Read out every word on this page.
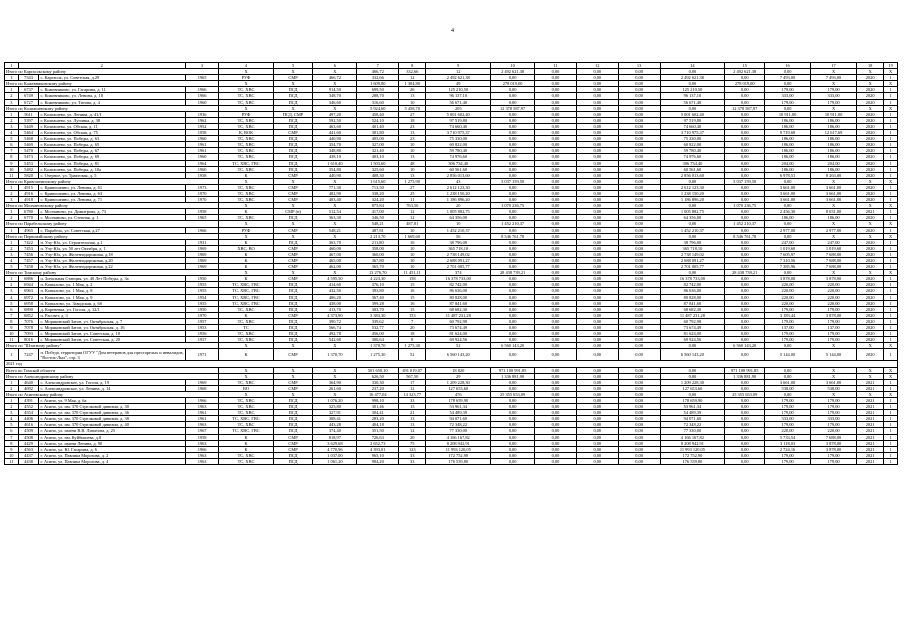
4
1	2		3	4	5	6	7	8	9	10	11	12	13	14	15	16	17	18	19
Итого по Каргасокскому району				Х	Х	Х	466,72	332,66	12	2 492 621,38	0,00	0,00	0,00	0,00	2 492 621,38	0,00	Х	Х	Х
1	7343	с. Каргасок, ул. Советская, д.29	1965	РУФ	СМР	466,72	332,66	12	2 492 621,38	0,00	0,00	0,00	0,00	2 492 621,38	0,00	7 493,00	7 493,00	2020	1
Итого по Кожевниковскому району				Х	Х	Х	1 609,80	1 304,80	49	278 019,00	0,00	0,00	0,00	0,00	278 019,00	0,00	Х	Х	Х
1	6737	с. Кожевниково, ул. Гагарина, д. 11	1966	ТС, ХВС	ПСД	914,50	699,50	26	125 210,50	0,00	0,00	0,00	0,00	125 210,50	0,00	179,00	179,00	2020	1
2	6749	с. Кожевниково, ул. Ленина, д. 18	1966	ТС, ХВС	ПСД	348,70	288,70	13	96 137,10	0,00	0,00	0,00	0,00	96 137,10	0,00	333,00	333,00	2020	1
3	6727	с. Кожевниково, ул. Титова, д. 4	1960	ТС, ХВС	ПСД	346,60	316,60	10	56 671,40	0,00	0,00	0,00	0,00	56 671,40	0,00	179,00	179,00	2020	1
Итого по Колпашевскому району				Х	Х	Х	5 924,60	5 458,70	205	12 378 587,97	0,00	0,00	0,00	0,00	12 378 587,97	0,00	Х	Х	Х
1	5611	г. Колпашево, ул. Ленина, д. 41/1	1936	РУФ	ПСД, СМР	497,20	458,40	27	5 001 602,40	0,00	0,00	0,00	0,00	5 001 602,40	0,00	10 911,00	10 911,00	2020	1
2	5397	г. Колпашево, ул. Лугинка, д. 38	1962	ТС, ХВС	ПСД	592,50	524,10	18	97 519,80	0,00	0,00	0,00	0,00	97 519,80	0,00	186,00	186,00	2020	1
3	5449	г. Колпашево, ул. Обская, д. 11	1952	ТС, ХВС	ПСД	463,60	401,40	23	74 660,40	0,00	0,00	0,00	0,00	74 660,40	0,00	186,00	186,00	2020	1
4	5464	г. Колпашево, ул. Обская, д. 75	1958	К, ВОК	СМР	441,60	381,80	13	3 710 975,37	0,00	0,00	0,00	0,00	3 710 975,37	0,00	9 719,68	12 617,69	2020	1
5	5468	г. Колпашево, ул. Победы, д. 63	1960	ТС, ХВС	ПСД	440,90	405,00	23	75 330,00	0,00	0,00	0,00	0,00	75 330,00	0,00	186,00	186,00	2020	1
6	5469	г. Колпашево, ул. Победы, д. 65	1961	ТС, ХВС	ПСД	354,70	327,00	10	60 822,00	0,00	0,00	0,00	0,00	60 822,00	0,00	186,00	186,00	2020	1
7	5470	г. Колпашево, ул. Победы, д. 67	1961	ТС, ХВС	ПСД	348,80	321,40	10	59 780,40	0,00	0,00	0,00	0,00	59 780,40	0,00	186,00	186,00	2020	1
8	5473	г. Колпашево, ул. Победы, д. 69	1960	ТС, ХВС	ПСД	438,10	403,10	13	74 976,60	0,00	0,00	0,00	0,00	74 976,60	0,00	186,00	186,00	2020	1
9	5453	г. Колпашево, ул. Победы, д. 81	1964	ТС, ХВС, ГВС	ПСД	1 610,40	1 503,60	48	306 734,40	0,00	0,00	0,00	0,00	306 734,40	0,00	204,00	204,00	2020	1
10	5482	г. Колпашево, ул. Победы, д. 10а	1960	ТС, ХВС	ПСД	354,80	325,60	10	60 561,60	0,00	0,00	0,00	0,00	60 561,60	0,00	186,00	186,00	2020	1
11	5820	с. Озерное, ул. Трактовая, д. 5	1958	К	СМР	440,90	408,30	13	2 856 013,60	0,00	0,00	0,00	0,00	2 856 013,60	0,00	6 978,51	8 263,00	2020	1
Итого по Кривошеинскому району				Х	Х	Х	1 615,60	1 275,90	43	3 037 159,50	0,00	0,00	0,00	0,00	3 037 159,50	0,00	Х	Х	Х
1	4915	с. Кривошеино, ул. Ленина, д. 61	1973	ТС, ХВС	СМР	771,30	713,50	27	2 612 123,30	0,00	0,00	0,00	0,00	2 612 123,30	0,00	3 661,00	3 661,00	2020	1
2	4916	с. Кривошеино, ул. Ленина, д. 63	1970	ТС, ХВС	СМР	402,90	338,20	25	1 238 150,20	0,00	0,00	0,00	0,00	1 238 150,20	0,00	3 661,00	3 661,00	2020	1
3	4918	с. Кривошеино, ул. Ленина, д. 71	1970	ТС, ХВС	СМР	403,40	324,20	11	1 186 896,20	0,00	0,00	0,00	0,00	1 186 896,20	0,00	3 661,00	3 661,00	2020	1
Итого по Молчановскому району				Х	Х	Х	875,84	763,50	20	1 070 236,75	0,00	0,00	0,00	0,00	1 070 236,75	0,00	Х	Х	Х
1	6780	с. Молчаново, ул. Димитрова, д. 73	1958	К	СМР (н)	512,54	417,00	12	1 005 882,75	0,00	0,00	0,00	0,00	1 005 882,75	0,00	2 456,30	8 031,00	2021	1
2	6770	с. Молчаново, ул. Степная, д. 1	1965	ТС, ХВС	ПСД	363,30	346,50	12	64 356,00	0,00	0,00	0,00	0,00	64 356,00	0,00	186,00	186,00	2020	1
Итого по Парабельскому району				Х	Х	Х	548,21	487,81	10	1 452 210,37	0,00	0,00	0,00	0,00	1 452 210,37	0,00	Х	Х	Х
1	4965	с. Парабель, ул. Советская, д.27	1966	РУФ	СМР	548,21	487,81	10	1 452 210,37	0,00	0,00	0,00	0,00	1 452 210,37	0,00	2 977,00	2 977,00	2020	1
Итого по Первомайскому району				Х	Х	Х	2 213,70	1 669,60	56	8 546 761,78	0,00	0,00	0,00	0,00	8 546 761,78	0,00	Х	Х	Х
1	7422	п. Улу-Юл, ул. Строительная, д.1	1931	К	ПСД	363,70	211,80	16	38 796,00	0,00	0,00	0,00	0,00	38 796,00	0,00	247,00	247,00	2020	1
2	7453	п. Улу-Юл, ул. 50 лет Октября, д. 1	1969	ХВС, ВО	СМР	460,00	358,00	10	365 718,10	0,00	0,00	0,00	0,00	365 718,10	0,00	1 019,60	1 019,60	2020	1
3	7456	п. Улу-Юл, ул. Железнодорожная, д.18	1969	К	СМР	467,00	360,00	10	2 738 149,02	0,00	0,00	0,00	0,00	2 738 149,02	0,00	7 605,97	7 688,00	2020	1
4	7457	п. Улу-Юл, ул. Железнодорожная, д.20	1969	К	СМР	465,00	367,80	10	2 688 091,27	0,00	0,00	0,00	0,00	2 688 091,27	0,00	7 310,56	7 688,00	2020	1
5	7458	п. Улу-Юл, ул. Железнодорожная, д.22	1969	К	СМР	462,00	365,70	10	2 701 005,77	0,00	0,00	0,00	0,00	2 701 005,77	0,00	7 385,96	7 688,00	2020	1
Итого по Томскому району				Х	Х	Х	13 276,70	11 451,11	374	28 438 739,21	0,00	0,00	0,00	0,00	28 438 739,21	0,00	Х	Х	Х
1	6886	п. Зональная Станция, ул. 40 Лет Победы, д. 3а	1950	К	СМР	4 595,50	4 223,30	158	16 378 733,00	0,00	0,00	0,00	0,00	16 378 733,00	0,00	3 878,00	3 878,00	2020	1
2	6944	п. Копылово, ул. 1 Мая, д. 2	1955	ТС, ХВС, ГВС	ПСД	414,60	376,10	15	82 742,00	0,00	0,00	0,00	0,00	82 742,00	0,00	220,00	220,00	2020	1
3	6963	п. Копылово, ул. 1 Мая, д. 8	1955	ТС, ХВС, ГВС	ПСД	432,50	393,80	16	86 636,00	0,00	0,00	0,00	0,00	86 636,00	0,00	220,00	220,00	2020	1
4	6972	п. Копылово, ул. 1 Мая, д. 9	1954	ТС, ХВС, ГВС	ПСД	406,20	367,40	15	80 828,00	0,00	0,00	0,00	0,00	80 828,00	0,00	220,00	220,00	2020	1
5	6958	п. Копылово, ул. Заводская, д. 6б	1955	ТС, ХВС, ГВС	ПСД	438,00	399,28	16	87 841,60	0,00	0,00	0,00	0,00	87 841,60	0,00	220,00	220,00	2020	1
6	6890	д. Кореневка, ул. Гоголя, д. 12/1	1950	ТС, ХВС	ПСД	413,70	383,70	15	68 682,30	0,00	0,00	0,00	0,00	68 682,30	0,00	179,00	179,00	2020	1
7	6852	п. Рассвет, д. 3	1970	К	СМР	4 373,90	3 383,30	153	11 487 231,28	0,00	0,00	0,00	0,00	11 487 231,28	0,00	3 183,44	3 878,00	2020	1
8	7076	с. Моряковский Затон, ул. Октябрьская, д. 7	1957	ТС, ХВС	ПСД	390,72	339,62	7	60 792,98	0,00	0,00	0,00	0,00	60 792,98	0,00	179,00	179,00	2020	1
9	7078	с. Моряковский Затон, ул. Октябрьская, д. 16	1953	ТС	ПСД	566,74	532,77	20	73 674,49	0,00	0,00	0,00	0,00	73 674,49	0,00	137,00	137,00	2020	1
10	7093	с. Моряковский Затон, ул. Советская, д. 18	1956	ТС, ХВС	ПСД	492,78	456,00	18	81 624,00	0,00	0,00	0,00	0,00	81 624,00	0,00	179,00	179,00	2020	1
11	8016	с. Моряковский Затон, ул. Советская, д. 20	1957	ТС, ХВС	ПСД	542,68	300,64	8	69 924,56	0,00	0,00	0,00	0,00	69 924,56	0,00	179,00	179,00	2020	1
Итого по "Штатному району"				Х	Х	Х	1 370,70	1 275,30	52	6 560 143,20	0,00	0,00	0,00	0,00	6 560 143,20	0,00	Х	Х	Х
1	7247	п. Победа, территория ОГУУ "Дом ветеранов для престарелых и инвалидов, "Восток-Лыл", стр. 3	1971	К	СМР	1 370,70	1 275,30	52	6 560 143,20	0,00	0,00	0,00	0,00	6 560 143,20	0,00	5 144,00	5 144,00	2020	1
2021 год																			
Всего по Томской области				Х	Х	Х	501 650,10	491 019,07	18 820	971 108 991,85	0,00	0,00	0,00	0,00	971 108 991,85	0,00	Х	Х	Х
Итого по Александровскому району				Х	Х	Х	626,50	567,50	29	1 336 881,90	0,00	0,00	0,00	0,00	1 336 881,90	0,00	Х	Х	Х
1	4640	с. Александровское, ул. Гоголя, д. 19	1969	ТС, ХВС	СМР	364,90	330,30	17	1 209 228,30	0,00	0,00	0,00	0,00	1 209 228,30	0,00	3 661,00	3 661,00	2021	1
2	4692	с. Александровское, ул. Ленина, д. 14	1968	ВО	СМР	261,60	237,20	12	127 653,60	0,00	0,00	0,00	0,00	127 653,60	0,00	538,00	538,00	2021	1
Итого по Асиновскому району				Х	Х	Х	16 477,04	14 323,77	476	25 355 653,09	0,00	0,00	0,00	0,00	25 355 653,09	0,00	Х	Х	Х
1	4391	г. Асино, ул. 9 Мая, д. 6а	1966	ТС, ХВС	ПСД	1 076,20	998,10	33	178 659,90	0,00	0,00	0,00	0,00	178 659,90	0,00	179,00	179,00	2021	1
2	4552	г. Асино, ул. им. 370 Стрелковой дивизии, д. 30	1963	ТС, ХВС	ПСД	325,80	301,46	15	53 961,34	0,00	0,00	0,00	0,00	53 961,34	0,00	179,00	179,00	2021	1
3	4554	г. Асино, ул. им. 370 Стрелковой дивизии, д. 36	1961	ТС, ХВС	ПСД	327,91	304,41	21	54 489,39	0,00	0,00	0,00	0,00	54 489,39	0,00	179,00	179,00	2021	1
4	4406	г. Асино, ул. им. 370 Стрелковой дивизии, д. 38	1961	ТС, ХВС, ГВС	ПСД	308,41	283,20	13	94 071,60	0,00	0,00	0,00	0,00	94 071,60	0,00	333,00	333,00	2021	1
5	4616	г. Асино, ул. им. 370 Стрелковой дивизии, д. 40	1963	ТС, ХВС	ПСД	443,28	404,18	13	72 348,22	0,00	0,00	0,00	0,00	72 348,22	0,00	179,00	179,00	2021	1
6	4509	г. Асино, ул. имени В.В. Липатова, д. 25	1967	ТС, ХВС, ГВС	ПСД	374,40	351,50	12	77 330,00	0,00	0,00	0,00	0,00	77 330,00	0,00	220,00	220,00	2021	1
7	4508	г. Асино, ул. им. Куйбышева, д.8	1958	К	СМР	818,97	726,63	20	4 166 167,82	0,00	0,00	0,00	0,00	4 166 167,82	0,00	5 733,54	7 688,00	2021	1
8	4429	г. Асино, ул. имени Ленина, д. 90	1963	К	СМР	3 629,68	2 652,73	75	8 208 942,91	0,00	0,00	0,00	0,00	8 208 942,91	0,00	3 118,03	3 878,00	2021	1
9	4563	г. Асино, ул. Ю. Гагарина, д. 6	1966	К	СМР	4 770,96	4 393,01	123	11 993 120,05	0,00	0,00	0,00	0,00	11 993 120,05	0,00	2 724,16	3 878,00	2021	1
10	4437	г. Асино, ул. Павлика Морозова, д. 2	1963	ТС, ХВС	ПСД	1 037,00	965,10	33	172 752,90	0,00	0,00	0,00	0,00	172 752,90	0,00	179,00	179,00	2021	1
11	4438	г. Асино, ул. Павлика Морозова, д. 4	1963	ТС, ХВС	ПСД	1 061,20	984,20	33	176 539,80	0,00	0,00	0,00	0,00	176 539,80	0,00	179,00	179,00	2021	1
